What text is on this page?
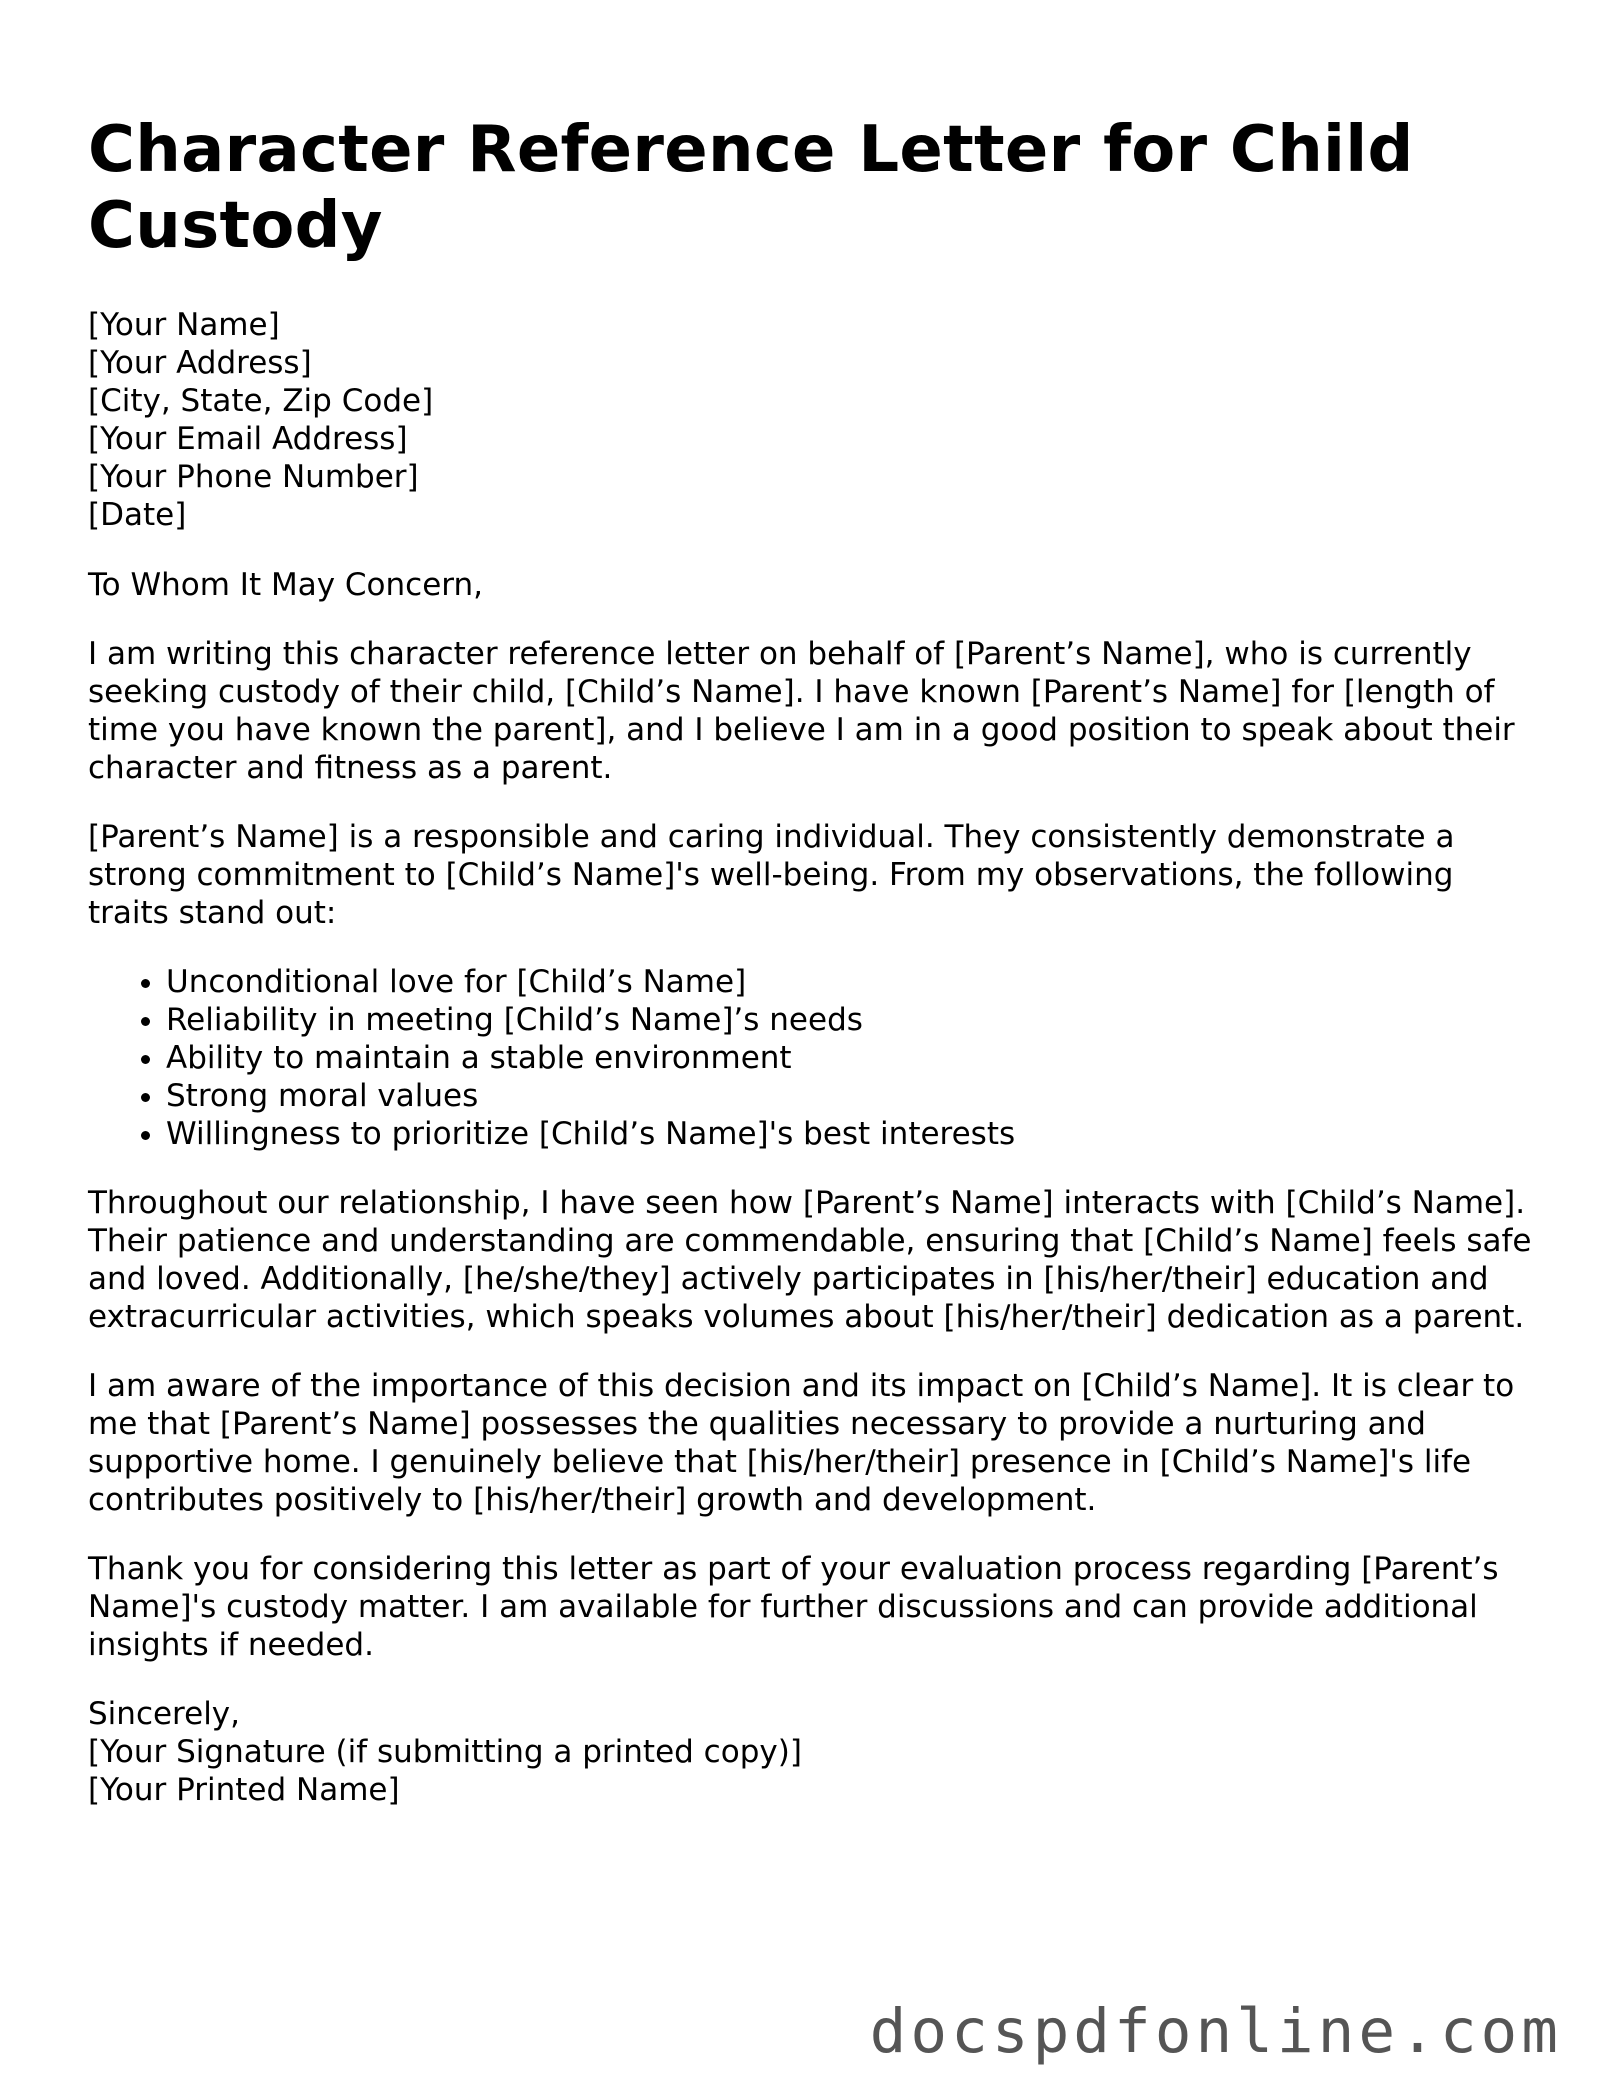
Character Reference Letter for Child Custody
[Your Name]
[Your Address]
[City, State, Zip Code]
[Your Email Address]
[Your Phone Number]
[Date]

To Whom It May Concern,

I am writing this character reference letter on behalf of [Parent’s Name], who is currently seeking custody of their child, [Child’s Name]. I have known [Parent’s Name] for [length of time you have known the parent], and I believe I am in a good position to speak about their character and fitness as a parent.

[Parent’s Name] is a responsible and caring individual. They consistently demonstrate a strong commitment to [Child’s Name]'s well-being. From my observations, the following traits stand out:

• Unconditional love for [Child’s Name]
• Reliability in meeting [Child’s Name]’s needs
• Ability to maintain a stable environment
• Strong moral values
• Willingness to prioritize [Child’s Name]'s best interests

Throughout our relationship, I have seen how [Parent’s Name] interacts with [Child’s Name]. Their patience and understanding are commendable, ensuring that [Child’s Name] feels safe and loved. Additionally, [he/she/they] actively participates in [his/her/their] education and extracurricular activities, which speaks volumes about [his/her/their] dedication as a parent.

I am aware of the importance of this decision and its impact on [Child’s Name]. It is clear to me that [Parent’s Name] possesses the qualities necessary to provide a nurturing and supportive home. I genuinely believe that [his/her/their] presence in [Child’s Name]'s life contributes positively to [his/her/their] growth and development.

Thank you for considering this letter as part of your evaluation process regarding [Parent’s Name]'s custody matter. I am available for further discussions and can provide additional insights if needed.

Sincerely,
[Your Signature (if submitting a printed copy)]
[Your Printed Name]
docspdfonline.com
